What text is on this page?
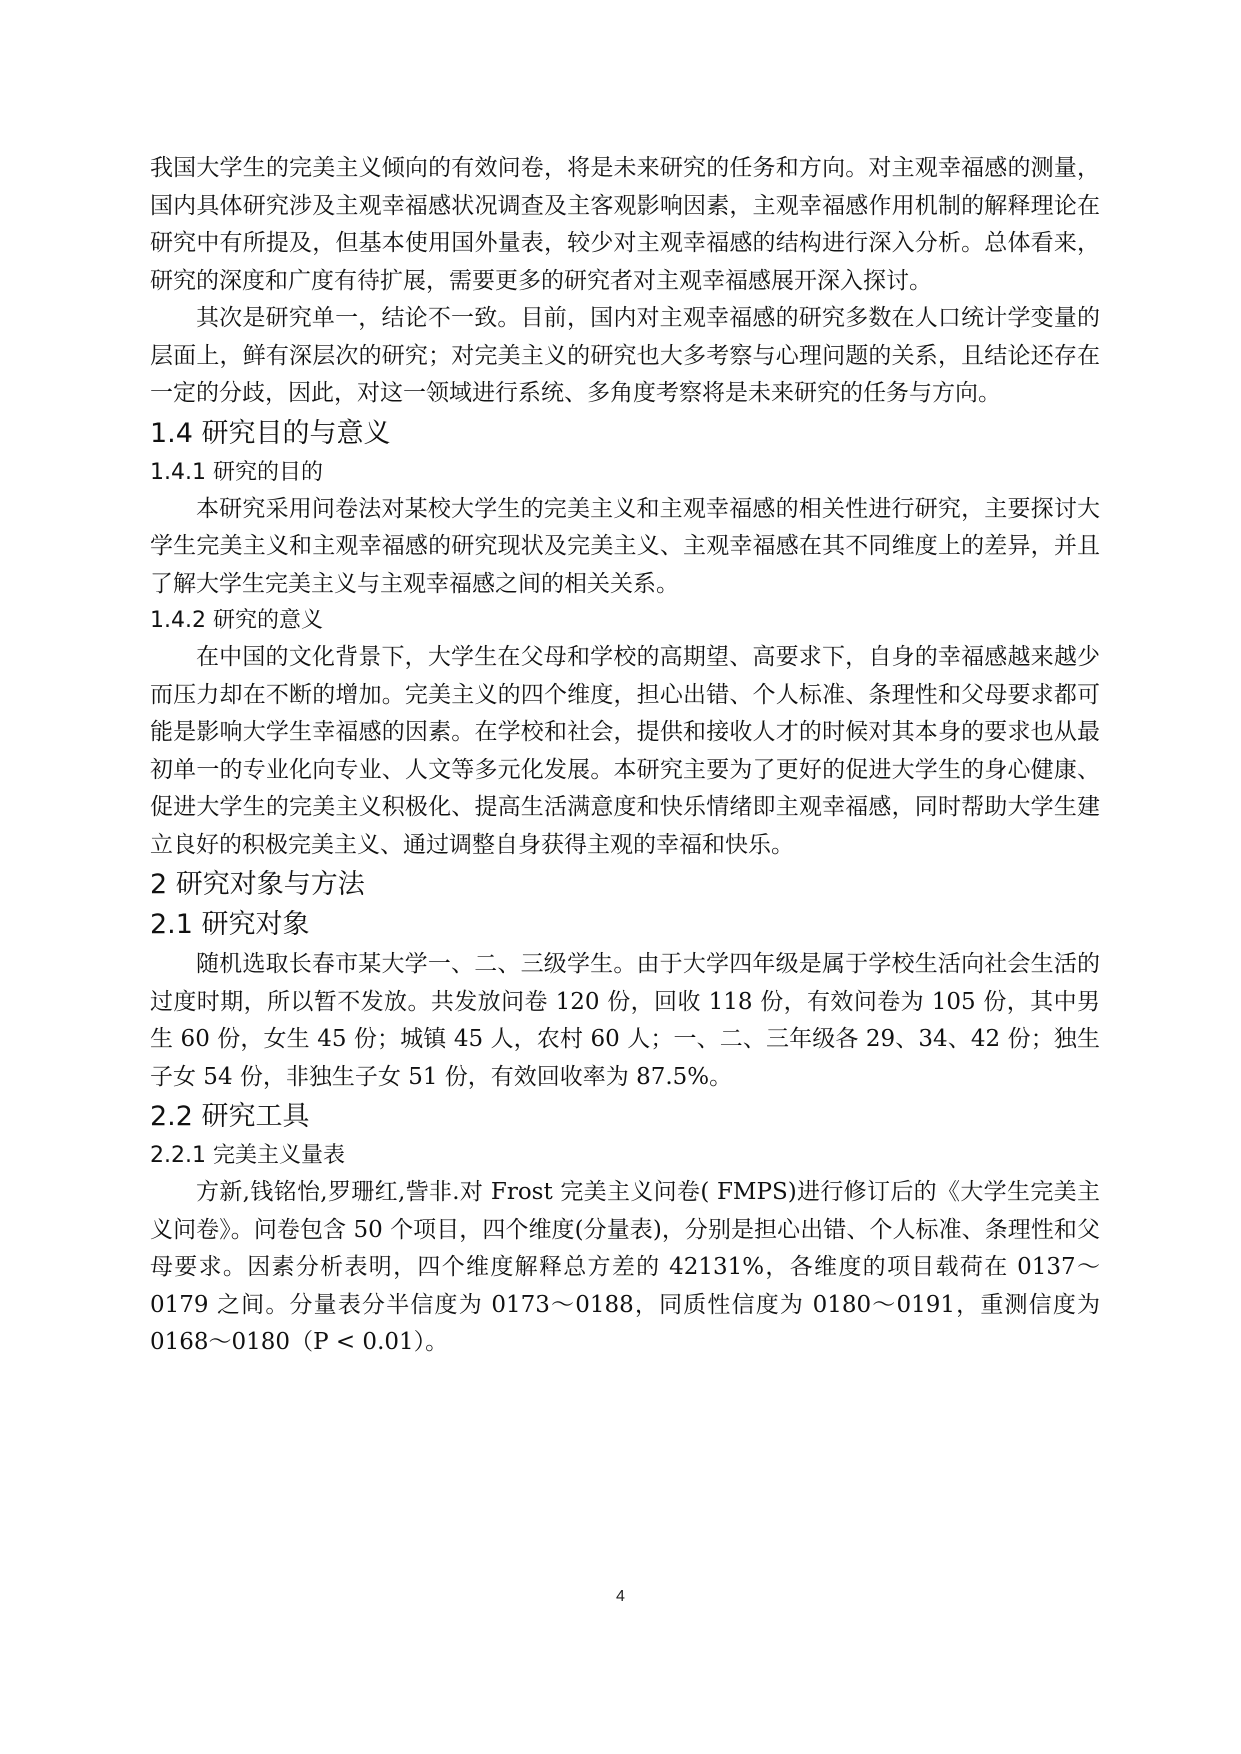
我国大学生的完美主义倾向的有效问卷，将是未来研究的任务和方向。对主观幸福感的测量，国内具体研究涉及主观幸福感状况调查及主客观影响因素，主观幸福感作用机制的解释理论在研究中有所提及，但基本使用国外量表，较少对主观幸福感的结构进行深入分析。总体看来，研究的深度和广度有待扩展，需要更多的研究者对主观幸福感展开深入探讨。

其次是研究单一，结论不一致。目前，国内对主观幸福感的研究多数在人口统计学变量的层面上，鲜有深层次的研究；对完美主义的研究也大多考察与心理问题的关系，且结论还存在一定的分歧，因此，对这一领域进行系统、多角度考察将是未来研究的任务与方向。

1.4 研究目的与意义
1.4.1 研究的目的

本研究采用问卷法对某校大学生的完美主义和主观幸福感的相关性进行研究，主要探讨大学生完美主义和主观幸福感的研究现状及完美主义、主观幸福感在其不同维度上的差异，并且了解大学生完美主义与主观幸福感之间的相关关系。

1.4.2 研究的意义

在中国的文化背景下，大学生在父母和学校的高期望、高要求下，自身的幸福感越来越少而压力却在不断的增加。完美主义的四个维度，担心出错、个人标准、条理性和父母要求都可能是影响大学生幸福感的因素。在学校和社会，提供和接收人才的时候对其本身的要求也从最初单一的专业化向专业、人文等多元化发展。本研究主要为了更好的促进大学生的身心健康、促进大学生的完美主义积极化、提高生活满意度和快乐情绪即主观幸福感，同时帮助大学生建立良好的积极完美主义、通过调整自身获得主观的幸福和快乐。

2 研究对象与方法
2.1 研究对象

随机选取长春市某大学一、二、三级学生。由于大学四年级是属于学校生活向社会生活的过度时期，所以暂不发放。共发放问卷 120 份，回收 118 份，有效问卷为 105 份，其中男生 60 份，女生 45 份；城镇 45 人，农村 60 人；一、二、三年级各 29、34、42 份；独生子女 54 份，非独生子女 51 份，有效回收率为 87.5%。

2.2 研究工具
2.2.1 完美主义量表

方新,钱铭怡,罗珊红,訾非.对 Frost 完美主义问卷( FMPS)进行修订后的《大学生完美主义问卷》。问卷包含 50 个项目，四个维度(分量表)，分别是担心出错、个人标准、条理性和父母要求。因素分析表明，四个维度解释总方差的 42131%，各维度的项目载荷在 0137～0179 之间。分量表分半信度为 0173～0188，同质性信度为 0180～0191，重测信度为 0168～0180（P < 0.01）。

4
